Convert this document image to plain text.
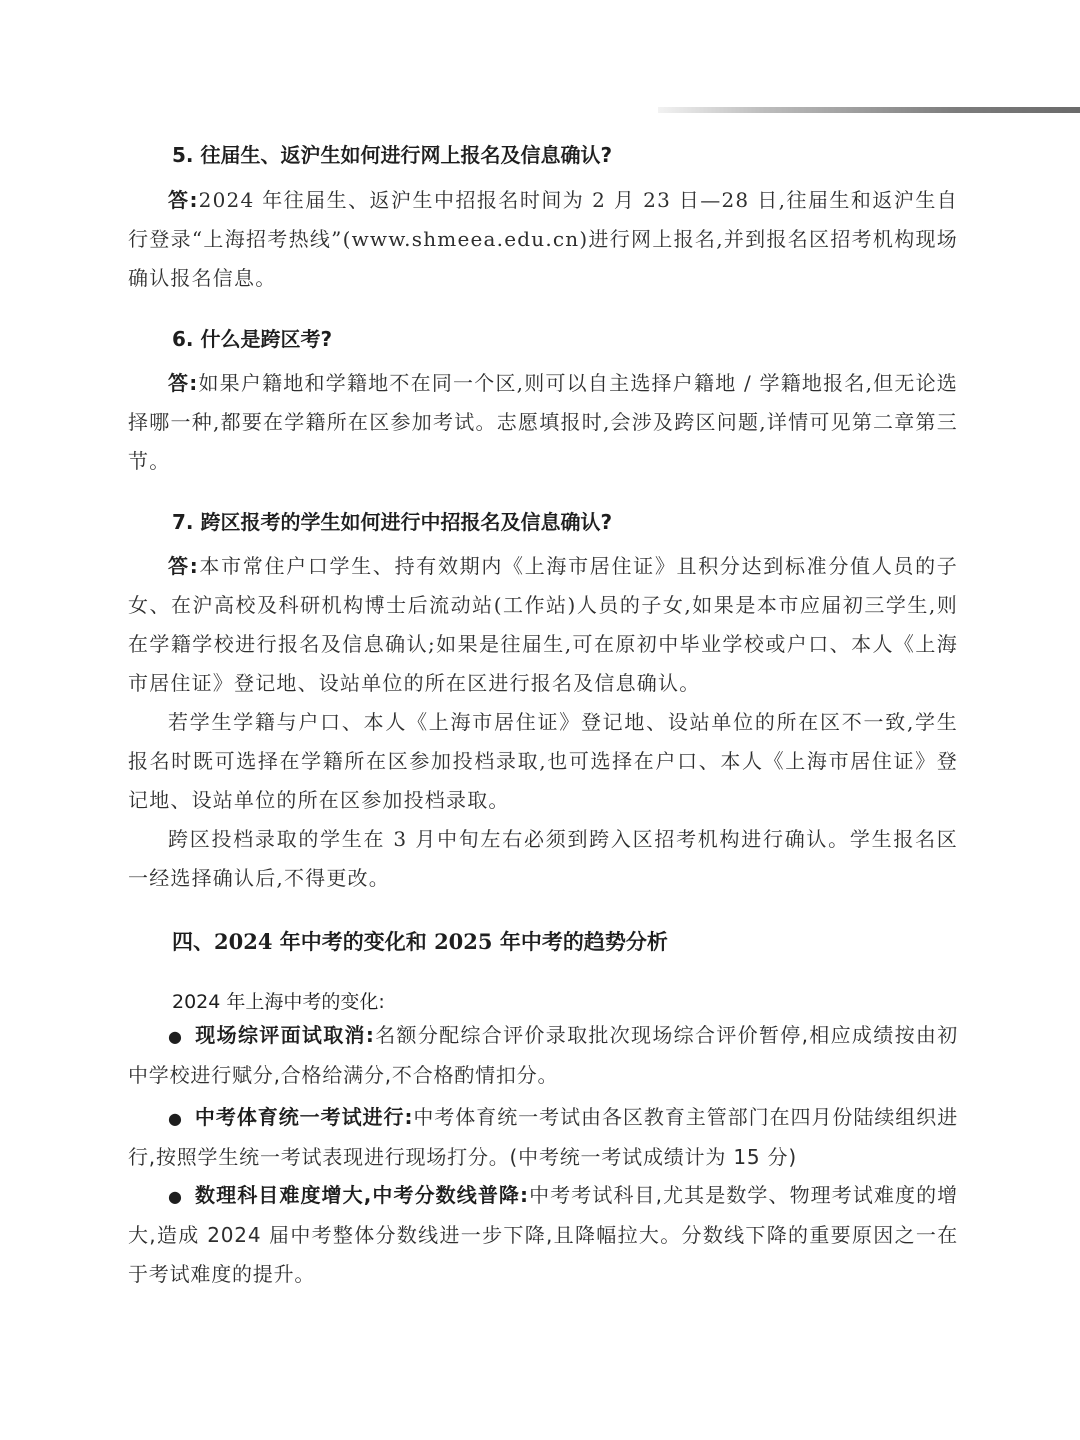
5. 往届生、返沪生如何进行网上报名及信息确认?

答:2024 年往届生、返沪生中招报名时间为 2 月 23 日—28 日,往届生和返沪生自行登录“上海招考热线”(www.shmeea.edu.cn)进行网上报名,并到报名区招考机构现场确认报名信息。

6. 什么是跨区考?

答:如果户籍地和学籍地不在同一个区,则可以自主选择户籍地 / 学籍地报名,但无论选择哪一种,都要在学籍所在区参加考试。志愿填报时,会涉及跨区问题,详情可见第二章第三节。

7. 跨区报考的学生如何进行中招报名及信息确认?

答:本市常住户口学生、持有效期内《上海市居住证》且积分达到标准分值人员的子女、在沪高校及科研机构博士后流动站(工作站)人员的子女,如果是本市应届初三学生,则在学籍学校进行报名及信息确认;如果是往届生,可在原初中毕业学校或户口、本人《上海市居住证》登记地、设站单位的所在区进行报名及信息确认。

若学生学籍与户口、本人《上海市居住证》登记地、设站单位的所在区不一致,学生报名时既可选择在学籍所在区参加投档录取,也可选择在户口、本人《上海市居住证》登记地、设站单位的所在区参加投档录取。

跨区投档录取的学生在 3 月中旬左右必须到跨入区招考机构进行确认。学生报名区一经选择确认后,不得更改。

四、2024 年中考的变化和 2025 年中考的趋势分析

2024 年上海中考的变化:

● 现场综评面试取消:名额分配综合评价录取批次现场综合评价暂停,相应成绩按由初中学校进行赋分,合格给满分,不合格酌情扣分。

● 中考体育统一考试进行:中考体育统一考试由各区教育主管部门在四月份陆续组织进行,按照学生统一考试表现进行现场打分。(中考统一考试成绩计为 15 分)

● 数理科目难度增大,中考分数线普降:中考考试科目,尤其是数学、物理考试难度的增大,造成 2024 届中考整体分数线进一步下降,且降幅拉大。分数线下降的重要原因之一在于考试难度的提升。
